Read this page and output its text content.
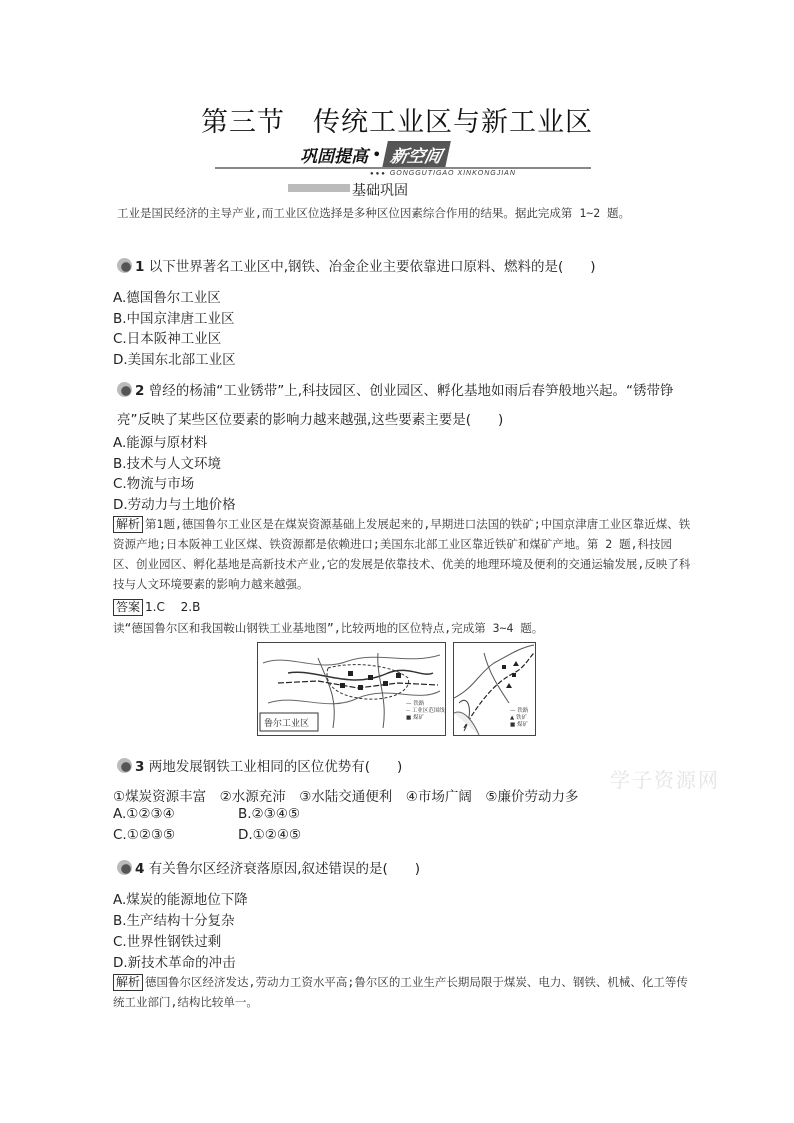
第三节　传统工业区与新工业区
巩固提高 • 新空间
●●● GONGGUTIGAO XINKONGJIAN
基础巩固
工业是国民经济的主导产业,而工业区位选择是多种区位因素综合作用的结果。据此完成第 1~2 题。
1 以下世界著名工业区中,钢铁、冶金企业主要依靠进口原料、燃料的是(　　)
A.德国鲁尔工业区
B.中国京津唐工业区
C.日本阪神工业区
D.美国东北部工业区
2 曾经的杨浦“工业锈带”上,科技园区、创业园区、孵化基地如雨后春笋般地兴起。“锈带铮
亮”反映了某些区位要素的影响力越来越强,这些要素主要是(　　)
A.能源与原材料
B.技术与人文环境
C.物流与市场
D.劳动力与土地价格
解析 第1题,德国鲁尔工业区是在煤炭资源基础上发展起来的,早期进口法国的铁矿;中国京津唐工业区靠近煤、铁资源产地;日本阪神工业区煤、铁资源都是依赖进口;美国东北部工业区靠近铁矿和煤矿产地。第 2 题,科技园区、创业园区、孵化基地是高新技术产业,它的发展是依靠技术、优美的地理环境及便利的交通运输发展,反映了科技与人文环境要素的影响力越来越强。
答案 1.C　 2.B
读“德国鲁尔区和我国鞍山钢铁工业基地图”,比较两地的区位特点,完成第 3~4 题。
鲁尔工业区
— 铁路
-- 工业区范围线
■ 煤矿
— 铁路
▲ 铁矿
■ 煤矿
3 两地发展钢铁工业相同的区位优势有(　　)
①煤炭资源丰富　②水源充沛　③水陆交通便利　④市场广阔　⑤廉价劳动力多
A.①②③④	B.②③④⑤
C.①②③⑤	D.①②④⑤
学子资源网
4 有关鲁尔区经济衰落原因,叙述错误的是(　　)
A.煤炭的能源地位下降
B.生产结构十分复杂
C.世界性钢铁过剩
D.新技术革命的冲击
解析 德国鲁尔区经济发达,劳动力工资水平高;鲁尔区的工业生产长期局限于煤炭、电力、钢铁、机械、化工等传统工业部门,结构比较单一。
